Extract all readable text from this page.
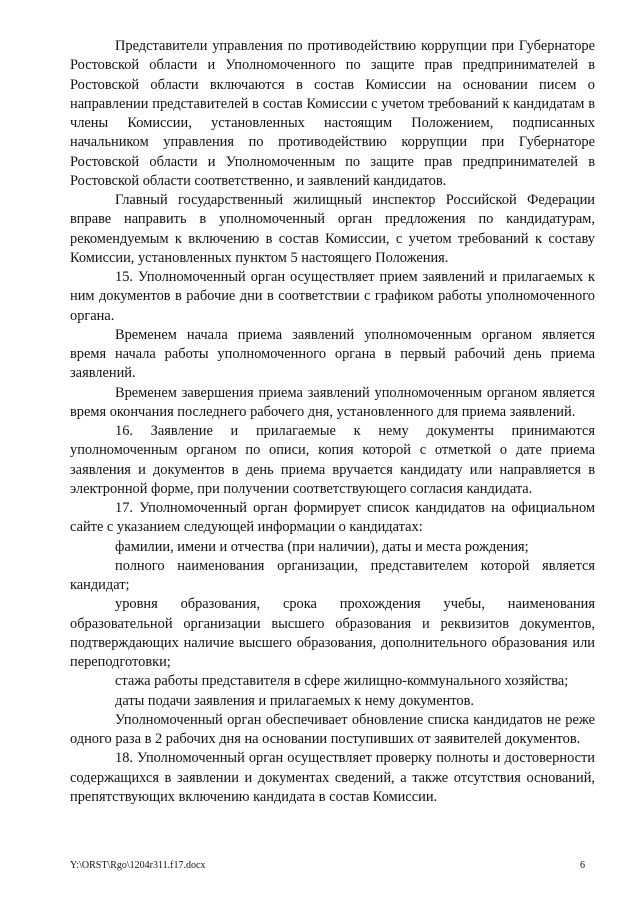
Представители управления по противодействию коррупции при Губернаторе Ростовской области и Уполномоченного по защите прав предпринимателей в Ростовской области включаются в состав Комиссии на основании писем о направлении представителей в состав Комиссии с учетом требований к кандидатам в члены Комиссии, установленных настоящим Положением, подписанных начальником управления по противодействию коррупции при Губернаторе Ростовской области и Уполномоченным по защите прав предпринимателей в Ростовской области соответственно, и заявлений кандидатов.

Главный государственный жилищный инспектор Российской Федерации вправе направить в уполномоченный орган предложения по кандидатурам, рекомендуемым к включению в состав Комиссии, с учетом требований к составу Комиссии, установленных пунктом 5 настоящего Положения.

15. Уполномоченный орган осуществляет прием заявлений и прилагаемых к ним документов в рабочие дни в соответствии с графиком работы уполномоченного органа.

Временем начала приема заявлений уполномоченным органом является время начала работы уполномоченного органа в первый рабочий день приема заявлений.

Временем завершения приема заявлений уполномоченным органом является время окончания последнего рабочего дня, установленного для приема заявлений.

16. Заявление и прилагаемые к нему документы принимаются уполномоченным органом по описи, копия которой с отметкой о дате приема заявления и документов в день приема вручается кандидату или направляется в электронной форме, при получении соответствующего согласия кандидата.

17. Уполномоченный орган формирует список кандидатов на официальном сайте с указанием следующей информации о кандидатах:

фамилии, имени и отчества (при наличии), даты и места рождения;

полного наименования организации, представителем которой является кандидат;

уровня образования, срока прохождения учебы, наименования образовательной организации высшего образования и реквизитов документов, подтверждающих наличие высшего образования, дополнительного образования или переподготовки;

стажа работы представителя в сфере жилищно-коммунального хозяйства;

даты подачи заявления и прилагаемых к нему документов.

Уполномоченный орган обеспечивает обновление списка кандидатов не реже одного раза в 2 рабочих дня на основании поступивших от заявителей документов.

18. Уполномоченный орган осуществляет проверку полноты и достоверности содержащихся в заявлении и документах сведений, а также отсутствия оснований, препятствующих включению кандидата в состав Комиссии.

Y:\ORST\Rgo\1204r311.f17.docx	6
